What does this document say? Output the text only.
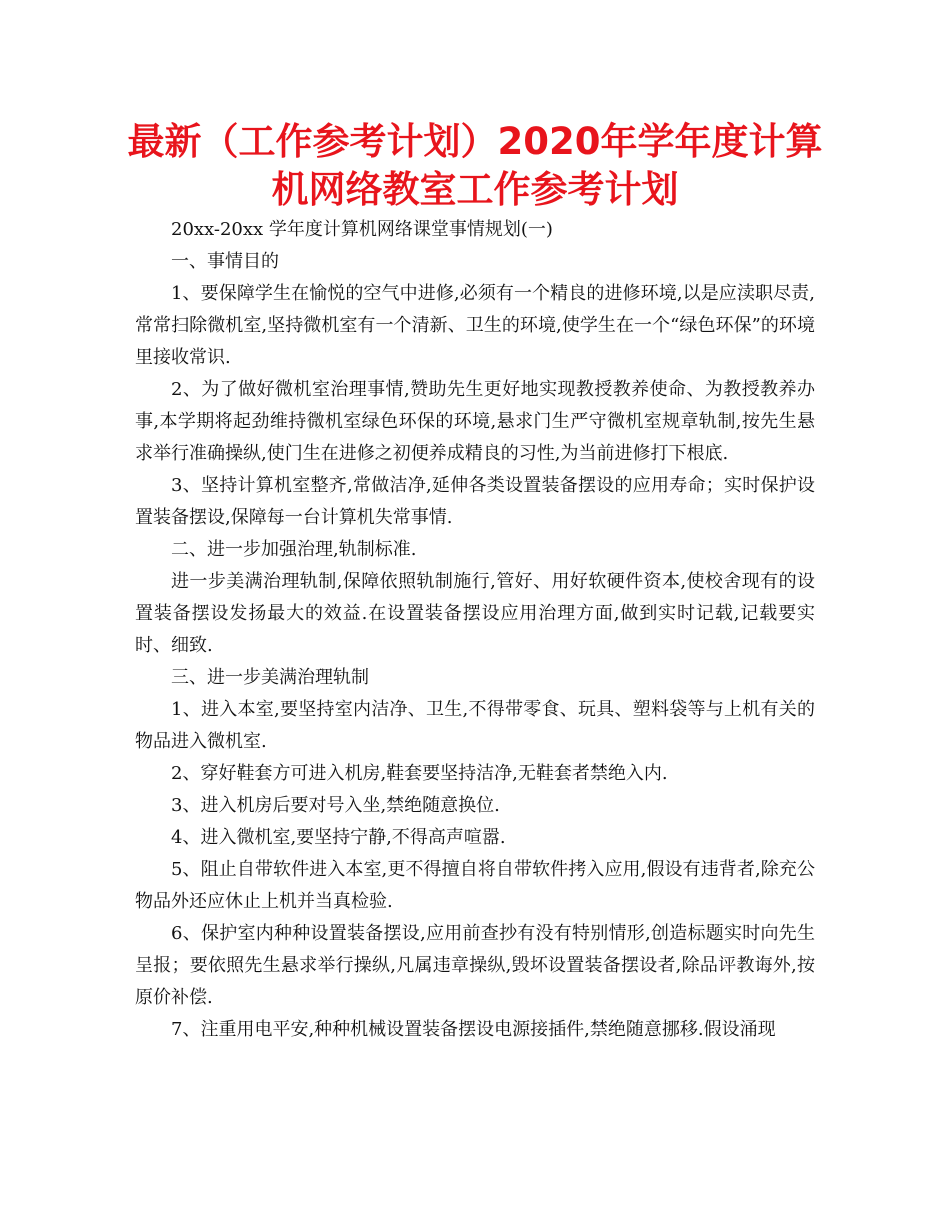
最新（工作参考计划）2020年学年度计算机网络教室工作参考计划

20xx-20xx 学年度计算机网络课堂事情规划(一)

一、事情目的

1、要保障学生在愉悦的空气中进修,必须有一个精良的进修环境,以是应渎职尽责,常常扫除微机室,坚持微机室有一个清新、卫生的环境,使学生在一个“绿色环保”的环境里接收常识.

2、为了做好微机室治理事情,赞助先生更好地实现教授教养使命、为教授教养办事,本学期将起劲维持微机室绿色环保的环境,悬求门生严守微机室规章轨制,按先生悬求举行准确操纵,使门生在进修之初便养成精良的习性,为当前进修打下根底.

3、坚持计算机室整齐,常做洁净,延伸各类设置装备摆设的应用寿命；实时保护设置装备摆设,保障每一台计算机失常事情.

二、进一步加强治理,轨制标准.

进一步美满治理轨制,保障依照轨制施行,管好、用好软硬件资本,使校舍现有的设置装备摆设发扬最大的效益.在设置装备摆设应用治理方面,做到实时记载,记载要实时、细致.

三、进一步美满治理轨制

1、进入本室,要坚持室内洁净、卫生,不得带零食、玩具、塑料袋等与上机有关的物品进入微机室.

2、穿好鞋套方可进入机房,鞋套要坚持洁净,无鞋套者禁绝入内.

3、进入机房后要对号入坐,禁绝随意换位.

4、进入微机室,要坚持宁静,不得高声喧嚣.

5、阻止自带软件进入本室,更不得擅自将自带软件拷入应用,假设有违背者,除充公物品外还应休止上机并当真检验.

6、保护室内种种设置装备摆设,应用前查抄有没有特别情形,创造标题实时向先生呈报；要依照先生悬求举行操纵,凡属违章操纵,毁坏设置装备摆设者,除品评教诲外,按原价补偿.

7、注重用电平安,种种机械设置装备摆设电源接插件,禁绝随意挪移.假设涌现
